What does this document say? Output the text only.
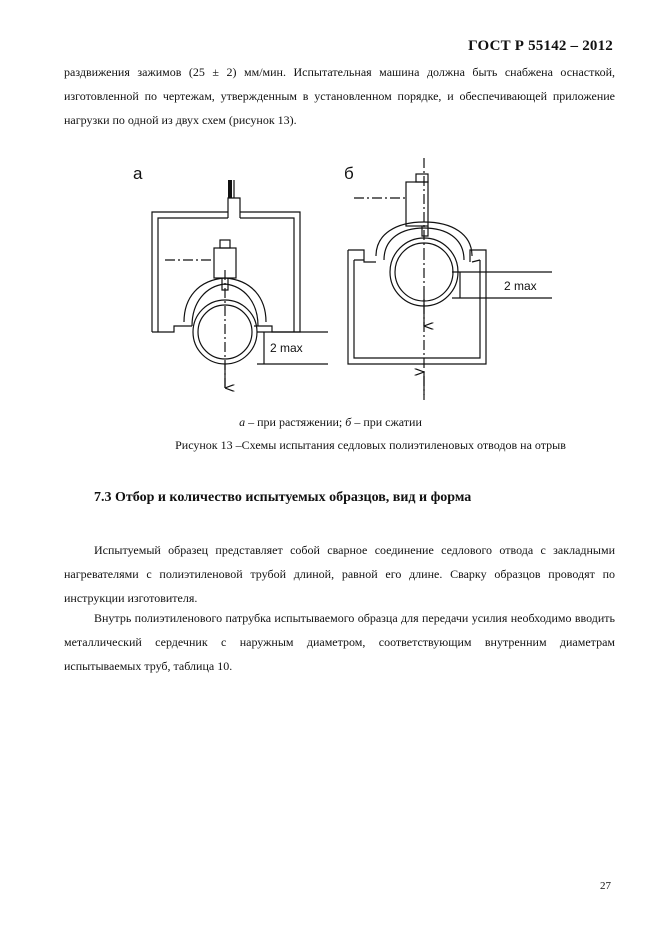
ГОСТ Р 55142 – 2012
раздвижения зажимов (25 ± 2) мм/мин. Испытательная машина должна быть снабжена оснасткой, изготовленной по чертежам, утвержденным в установленном порядке, и обеспечивающей приложение нагрузки по одной из двух схем (рисунок 13).
а
2 max
б
2 max
а – при растяжении; б – при сжатии
Рисунок 13 –Схемы испытания седловых полиэтиленовых отводов на отрыв
7.3 Отбор и количество испытуемых образцов, вид и форма
Испытуемый образец представляет собой сварное соединение седлового отвода с закладными нагревателями с полиэтиленовой трубой длиной, равной его длине. Сварку образцов проводят по инструкции изготовителя.
Внутрь полиэтиленового патрубка испытываемого образца для передачи усилия необходимо вводить металлический сердечник с наружным диаметром, соответствующим внутренним диаметрам испытываемых труб, таблица 10.
27
